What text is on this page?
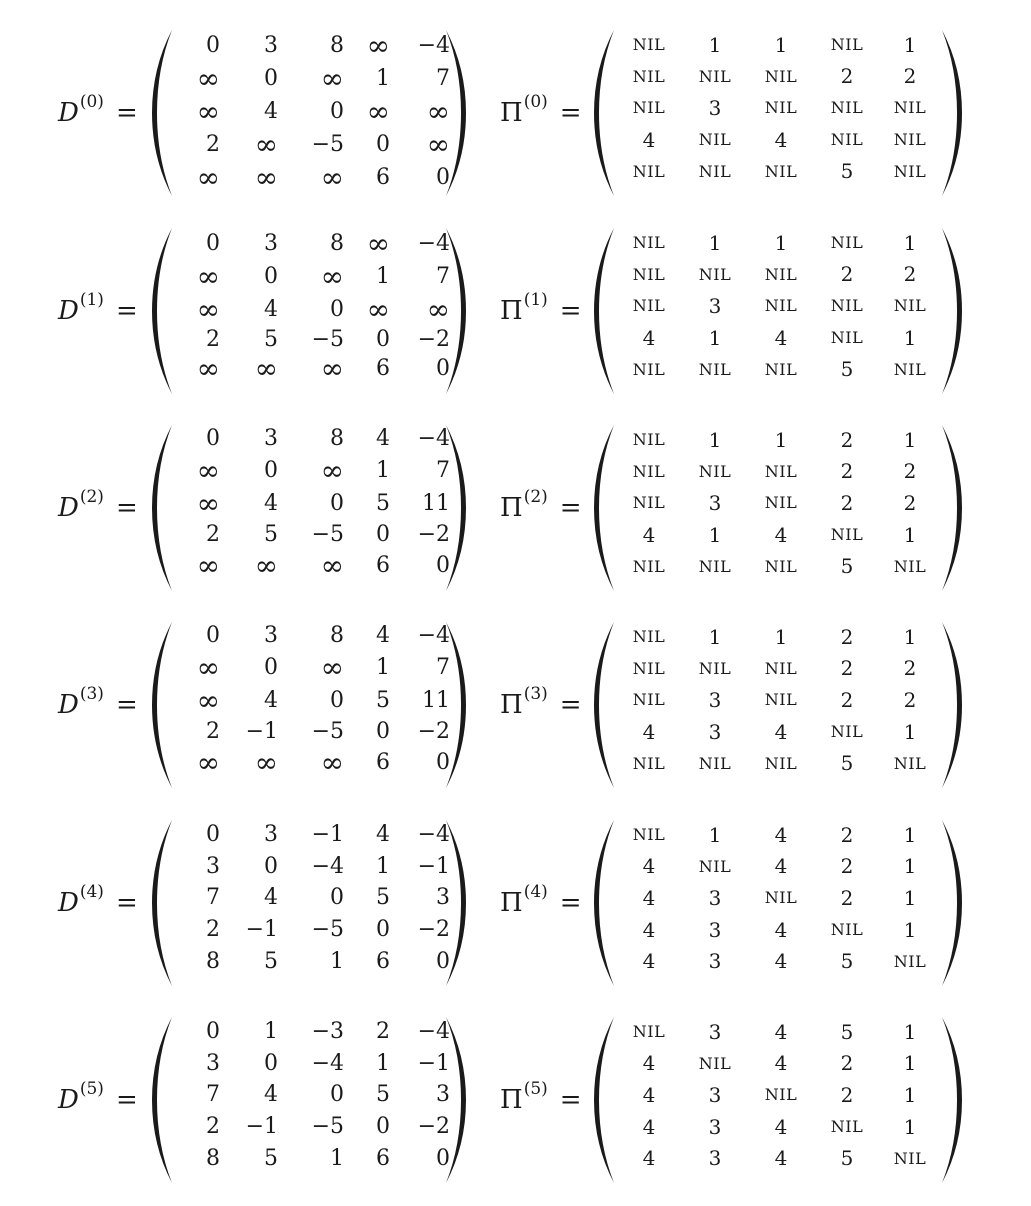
D (0) =
0	3	8 ∞	−4
∞	0	∞	1	7
∞	4	0 ∞	∞
2	∞	−5	0	∞
∞	∞	∞	6	0
Π (0) =
NIL	1	1	NIL	1
NIL	NIL	NIL	2	2
NIL	3	NIL	NIL	NIL
4	NIL	4	NIL	NIL
NIL	NIL	NIL	5	NIL
D (1) =
0	3	8 ∞	−4
∞	0	∞	1	7
∞	4	0 ∞	∞
2	5	−5	0	−2
∞	∞	∞	6	0
Π (1) =
NIL	1	1	NIL	1
NIL	NIL	NIL	2	2
NIL	3	NIL	NIL	NIL
4	1	4	NIL	1
NIL	NIL	NIL	5	NIL
D (2) =
0	3	8	4	−4
∞	0	∞	1	7
∞	4	0	5	11
2	5	−5	0	−2
∞	∞	∞	6	0
Π (2) =
NIL	1	1	2	1
NIL	NIL	NIL	2	2
NIL	3	NIL	2	2
4	1	4	NIL	1
NIL	NIL	NIL	5	NIL
D (3) =
0	3	8	4	−4
∞	0	∞	1	7
∞	4	0	5	11
2	−1	−5	0	−2
∞	∞	∞	6	0
Π (3) =
NIL	1	1	2	1
NIL	NIL	NIL	2	2
NIL	3	NIL	2	2
4	3	4	NIL	1
NIL	NIL	NIL	5	NIL
D (4) =
0	3	−1	4	−4
3	0	−4	1	−1
7	4	0	5	3
2	−1	−5	0	−2
8	5	1	6	0
Π (4) =
NIL	1	4	2	1
4	NIL	4	2	1
4	3	NIL	2	1
4	3	4	NIL	1
4	3	4	5	NIL
D (5) =
0	1	−3	2	−4
3	0	−4	1	−1
7	4	0	5	3
2	−1	−5	0	−2
8	5	1	6	0
Π (5) =
NIL	3	4	5	1
4	NIL	4	2	1
4	3	NIL	2	1
4	3	4	NIL	1
4	3	4	5	NIL
